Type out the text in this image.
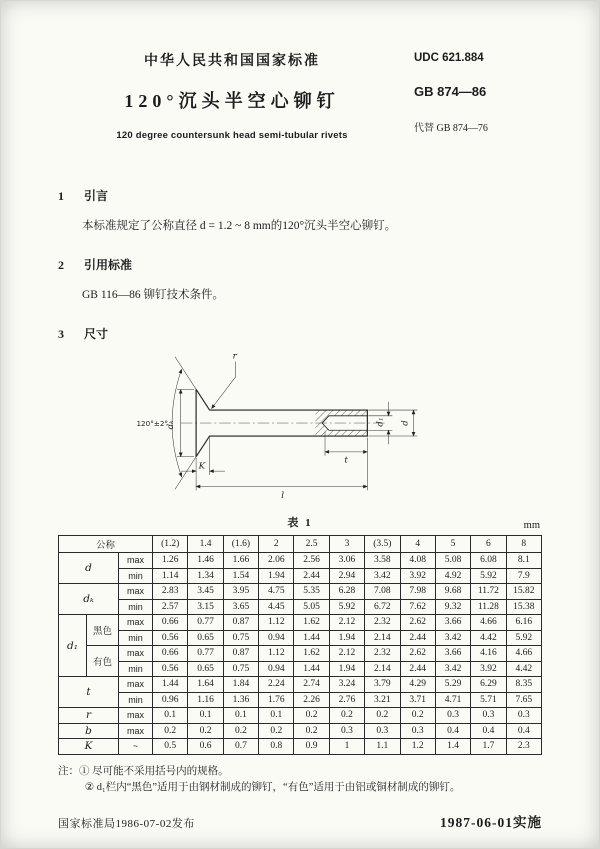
中华人民共和国国家标准
120°沉头半空心铆钉
120 degree countersunk head semi-tubular rivets
UDC 621.884
GB 874—86
代替 GB 874—76
1 引言

本标准规定了公称直径 d = 1.2 ~ 8 mm的120°沉头半空心铆钉。

2 引用标准

GB 116—86 铆钉技术条件。

3 尺寸
120°±2°
r
dₖ	d₁ d
K
t
l
表 1	mm
公称			(1.2)	1.4	(1.6)	2	2.5	3	(3.5)	4	5	6	8
d		max	1.26	1.46	1.66	2.06	2.56	3.06	3.58	4.08	5.08	6.08	8.1
		min	1.14	1.34	1.54	1.94	2.44	2.94	3.42	3.92	4.92	5.92	7.9
dₖ		max	2.83	3.45	3.95	4.75	5.35	6.28	7.08	7.98	9.68	11.72	15.82
		min	2.57	3.15	3.65	4.45	5.05	5.92	6.72	7.62	9.32	11.28	15.38
d₁	黑色	max	0.66	0.77	0.87	1.12	1.62	2.12	2.32	2.62	3.66	4.66	6.16
		min	0.56	0.65	0.75	0.94	1.44	1.94	2.14	2.44	3.42	4.42	5.92
	有色	max	0.66	0.77	0.87	1.12	1.62	2.12	2.32	2.62	3.66	4.16	4.66
		min	0.56	0.65	0.75	0.94	1.44	1.94	2.14	2.44	3.42	3.92	4.42
t		max	1.44	1.64	1.84	2.24	2.74	3.24	3.79	4.29	5.29	6.29	8.35
		min	0.96	1.16	1.36	1.76	2.26	2.76	3.21	3.71	4.71	5.71	7.65
r		max	0.1	0.1	0.1	0.1	0.2	0.2	0.2	0.2	0.3	0.3	0.3
b		max	0.2	0.2	0.2	0.2	0.2	0.3	0.3	0.3	0.4	0.4	0.4
K		~	0.5	0.6	0.7	0.8	0.9	1	1.1	1.2	1.4	1.7	2.3
注：① 尽可能不采用括号内的规格。
② d₁栏内“黑色”适用于由钢材制成的铆钉，“有色”适用于由铝或铜材制成的铆钉。
国家标准局1986-07-02发布	1987-06-01实施
